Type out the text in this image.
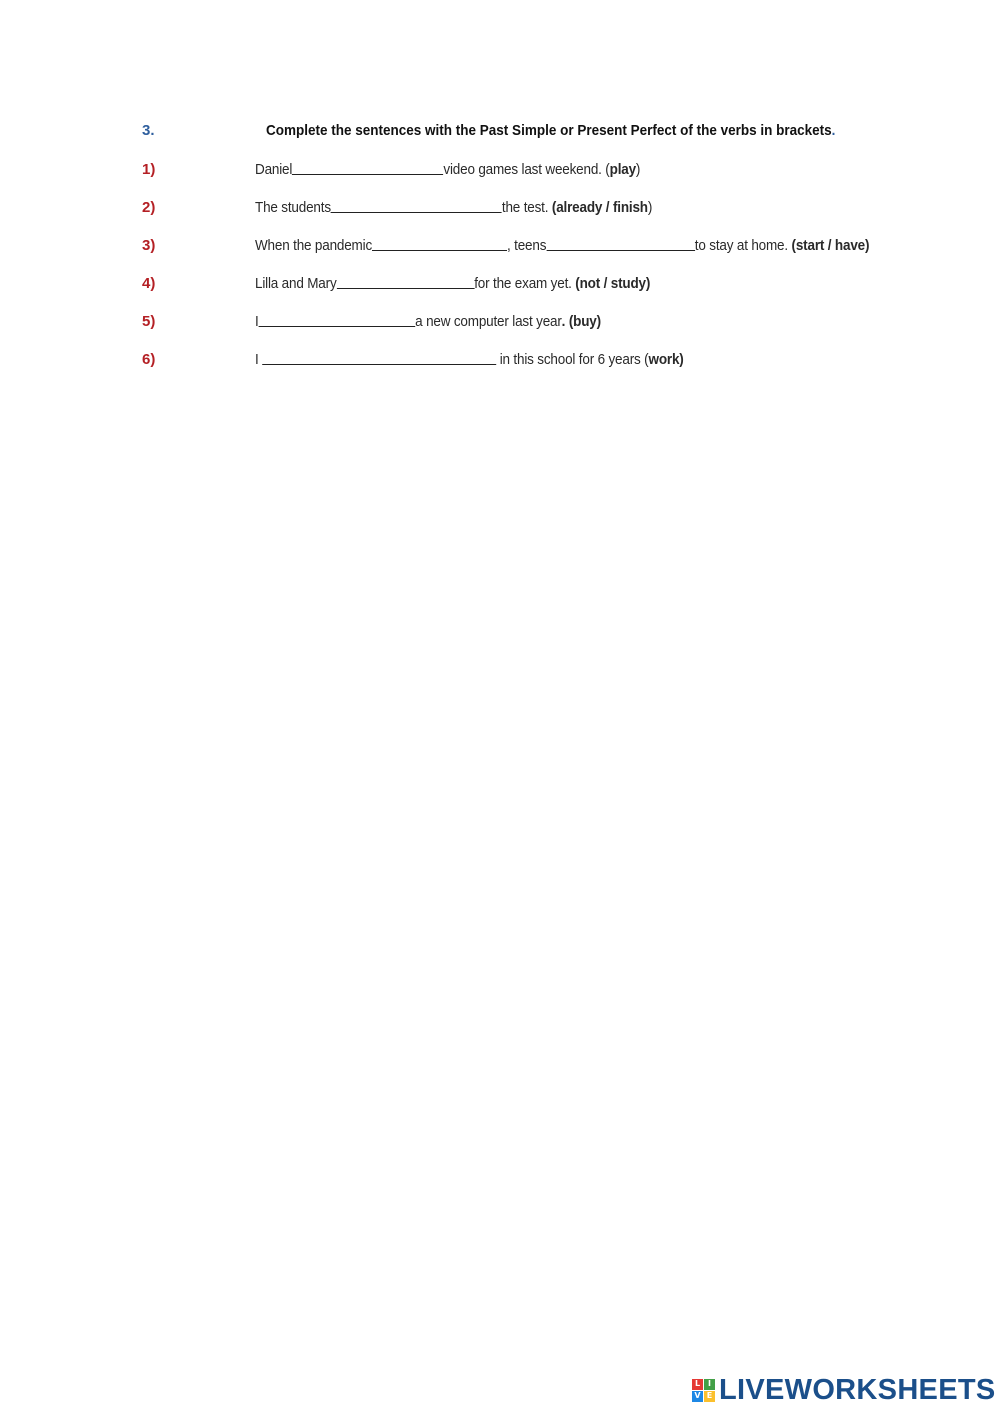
3.	Complete the sentences with the Past Simple or Present Perfect of the verbs in brackets.
1)	Daniel	video games last weekend. (play)
2)	The students	the test. (already / finish)
3)	When the pandemic	, teens	to stay at home. (start / have)
4)	Lilla and Mary	for the exam yet. (not / study)
5)	I	a new computer last year. (buy)
6)	I	in this school for 6 years (work)
L I
V E LIVEWORKSHEETS
